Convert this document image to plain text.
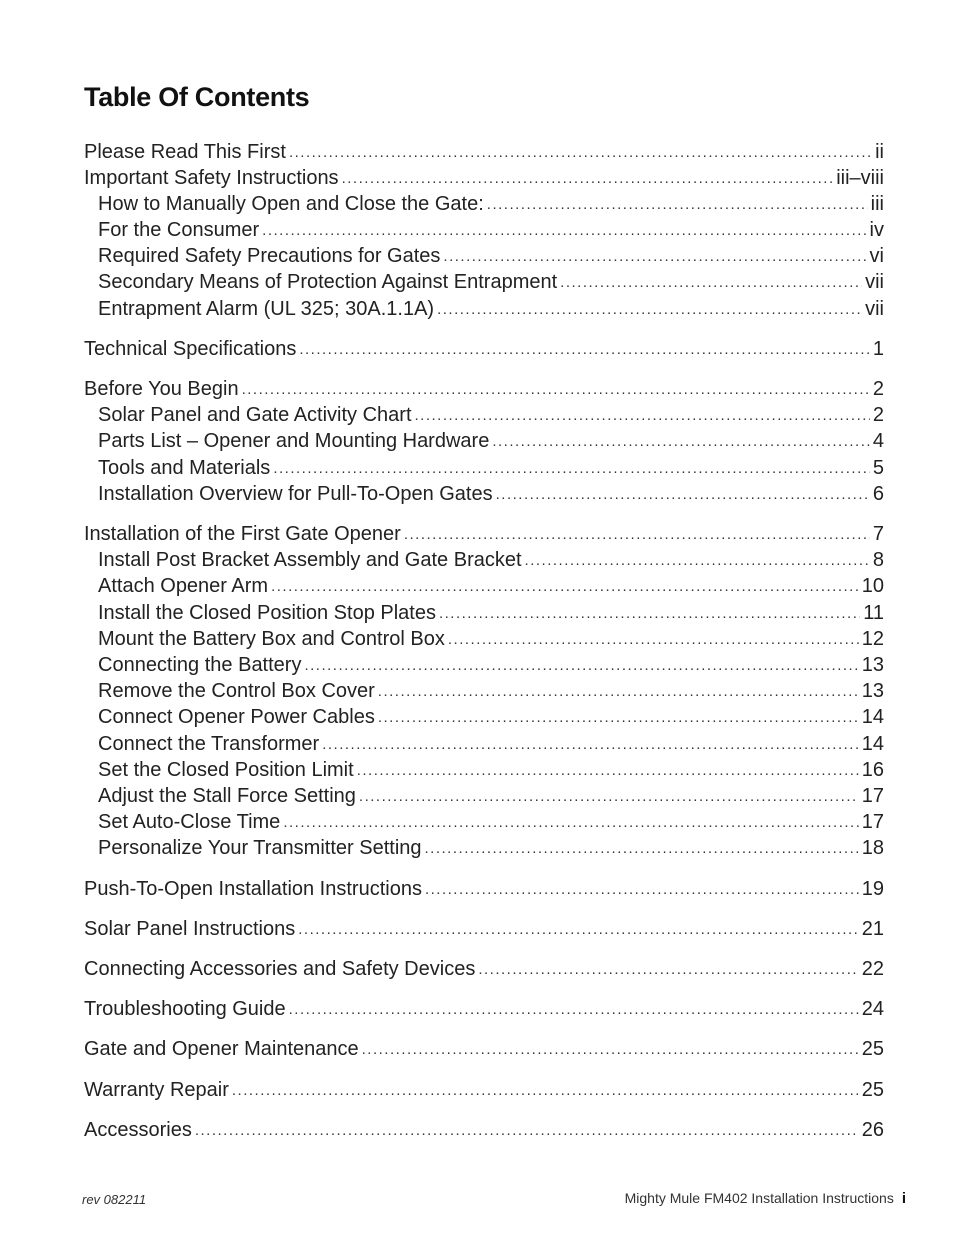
Table Of Contents
Please Read This First .....	ii
Important Safety Instructions .....	iii–viii
How to Manually Open and Close the Gate: .....	iii
For the Consumer .....	iv
Required Safety Precautions for Gates .....	vi
Secondary Means of Protection Against Entrapment .....	vii
Entrapment Alarm (UL 325; 30A.1.1A) .....	vii
Technical Specifications .....	1
Before You Begin .....	2
Solar Panel and Gate Activity Chart .....	2
Parts List – Opener and Mounting Hardware .....	4
Tools and Materials .....	5
Installation Overview for Pull-To-Open Gates .....	6
Installation of the First Gate Opener .....	7
Install Post Bracket Assembly and Gate Bracket .....	8
Attach Opener Arm .....	10
Install the Closed Position Stop Plates .....	11
Mount the Battery Box and Control Box .....	12
Connecting the Battery .....	13
Remove the Control Box Cover .....	13
Connect Opener Power Cables .....	14
Connect the Transformer .....	14
Set the Closed Position Limit .....	16
Adjust the Stall Force Setting .....	17
Set Auto-Close Time .....	17
Personalize Your Transmitter Setting .....	18
Push-To-Open Installation Instructions .....	19
Solar Panel Instructions .....	21
Connecting Accessories and Safety Devices .....	22
Troubleshooting Guide .....	24
Gate and Opener Maintenance .....	25
Warranty Repair .....	25
Accessories .....	26
rev 082211	Mighty Mule FM402 Installation Instructions i
